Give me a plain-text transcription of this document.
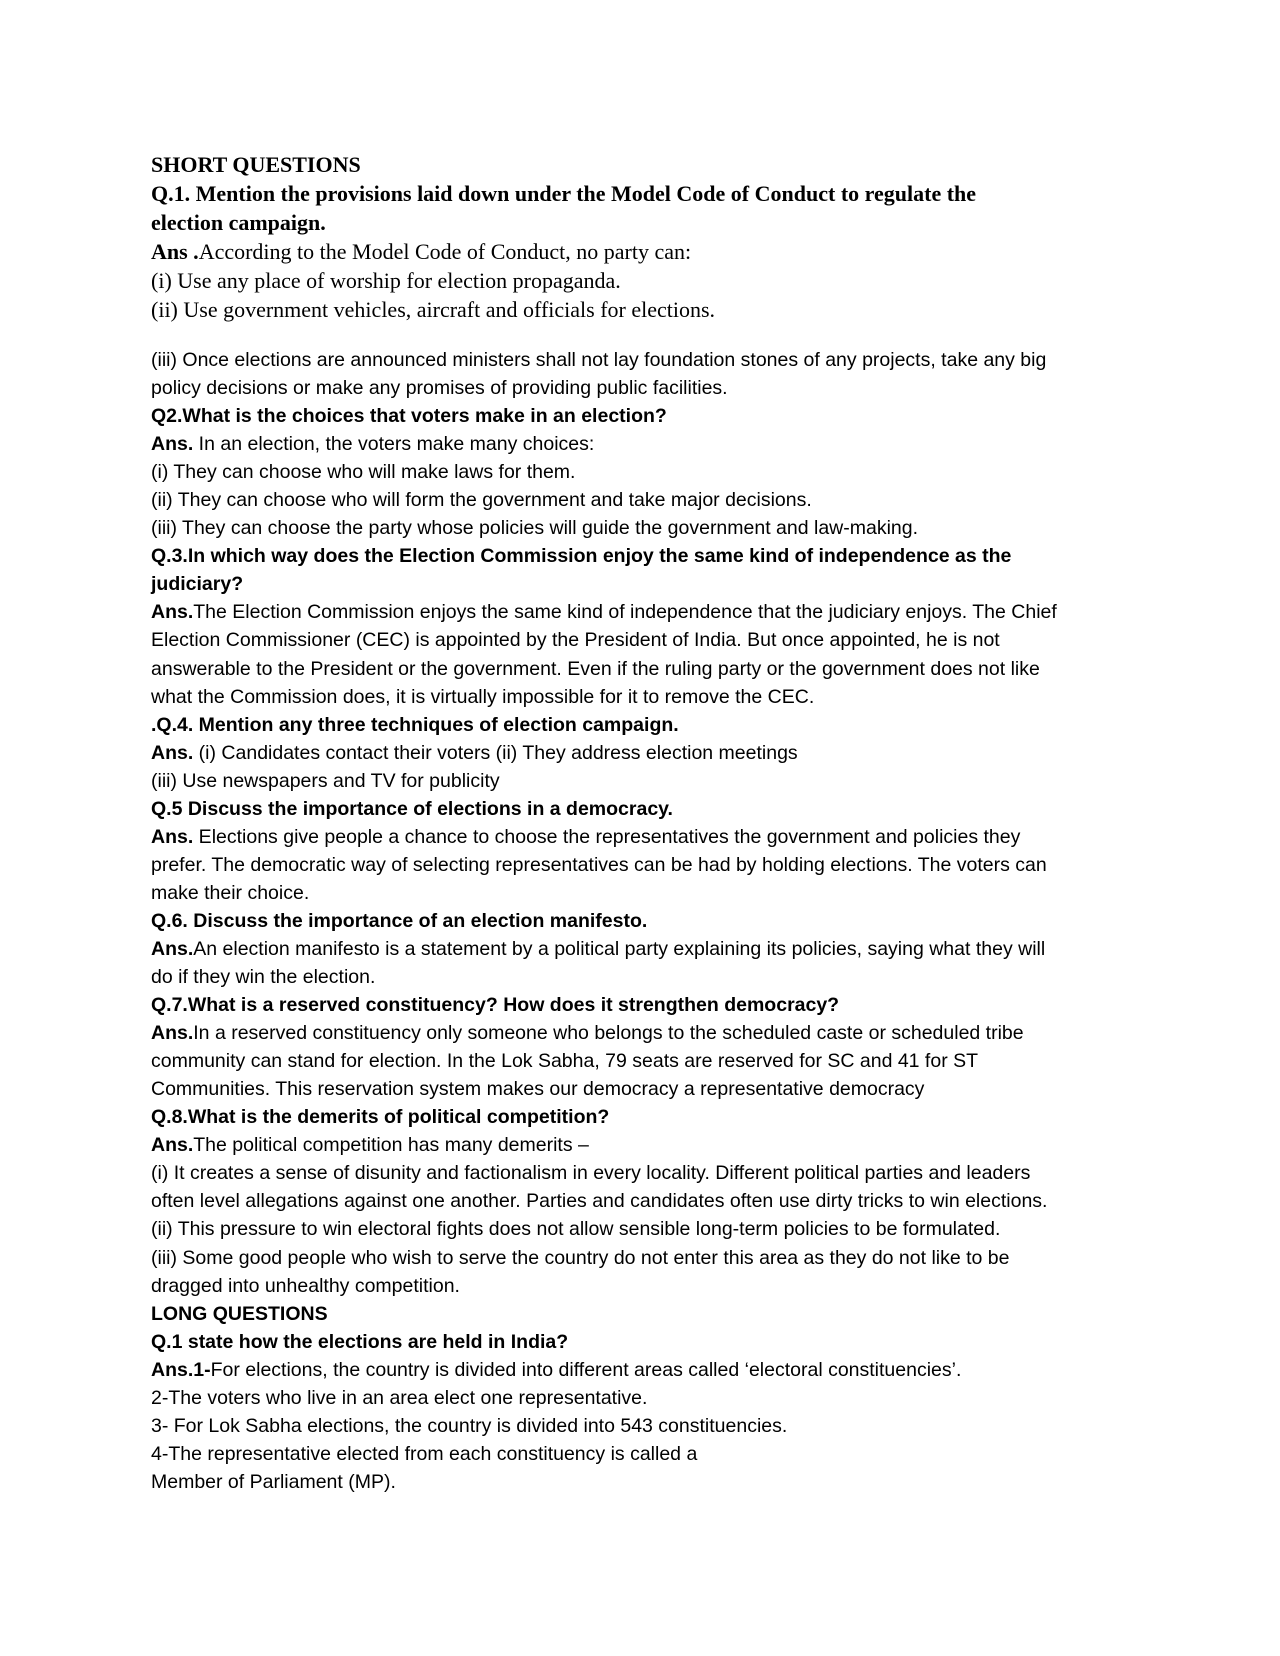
SHORT QUESTIONS
Q.1. Mention the provisions laid down under the Model Code of Conduct to regulate the
election campaign.
Ans .According to the Model Code of Conduct, no party can:
(i) Use any place of worship for election propaganda.
(ii) Use government vehicles, aircraft and officials for elections.
(iii) Once elections are announced ministers shall not lay foundation stones of any projects, take any big
policy decisions or make any promises of providing public facilities.
Q2.What is the choices that voters make in an election?
Ans. In an election, the voters make many choices:
(i) They can choose who will make laws for them.
(ii) They can choose who will form the government and take major decisions.
(iii) They can choose the party whose policies will guide the government and law-making.
Q.3.In which way does the Election Commission enjoy the same kind of independence as the
judiciary?
Ans.The Election Commission enjoys the same kind of independence that the judiciary enjoys. The Chief
Election Commissioner (CEC) is appointed by the President of India. But once appointed, he is not
answerable to the President or the government. Even if the ruling party or the government does not like
what the Commission does, it is virtually impossible for it to remove the CEC.
.Q.4. Mention any three techniques of election campaign.
Ans. (i) Candidates contact their voters (ii) They address election meetings
(iii) Use newspapers and TV for publicity
Q.5 Discuss the importance of elections in a democracy.
Ans. Elections give people a chance to choose the representatives the government and policies they
prefer. The democratic way of selecting representatives can be had by holding elections. The voters can
make their choice.
Q.6. Discuss the importance of an election manifesto.
Ans.An election manifesto is a statement by a political party explaining its policies, saying what they will
do if they win the election.
Q.7.What is a reserved constituency? How does it strengthen democracy?
Ans.In a reserved constituency only someone who belongs to the scheduled caste or scheduled tribe
community can stand for election. In the Lok Sabha, 79 seats are reserved for SC and 41 for ST
Communities. This reservation system makes our democracy a representative democracy
Q.8.What is the demerits of political competition?
Ans.The political competition has many demerits –
(i) It creates a sense of disunity and factionalism in every locality. Different political parties and leaders
often level allegations against one another. Parties and candidates often use dirty tricks to win elections.
(ii) This pressure to win electoral fights does not allow sensible long-term policies to be formulated.
(iii) Some good people who wish to serve the country do not enter this area as they do not like to be
dragged into unhealthy competition.
LONG QUESTIONS
Q.1 state how the elections are held in India?
Ans.1-For elections, the country is divided into different areas called ‘electoral constituencies’.
2-The voters who live in an area elect one representative.
3- For Lok Sabha elections, the country is divided into 543 constituencies.
4-The representative elected from each constituency is called a
Member of Parliament (MP).
